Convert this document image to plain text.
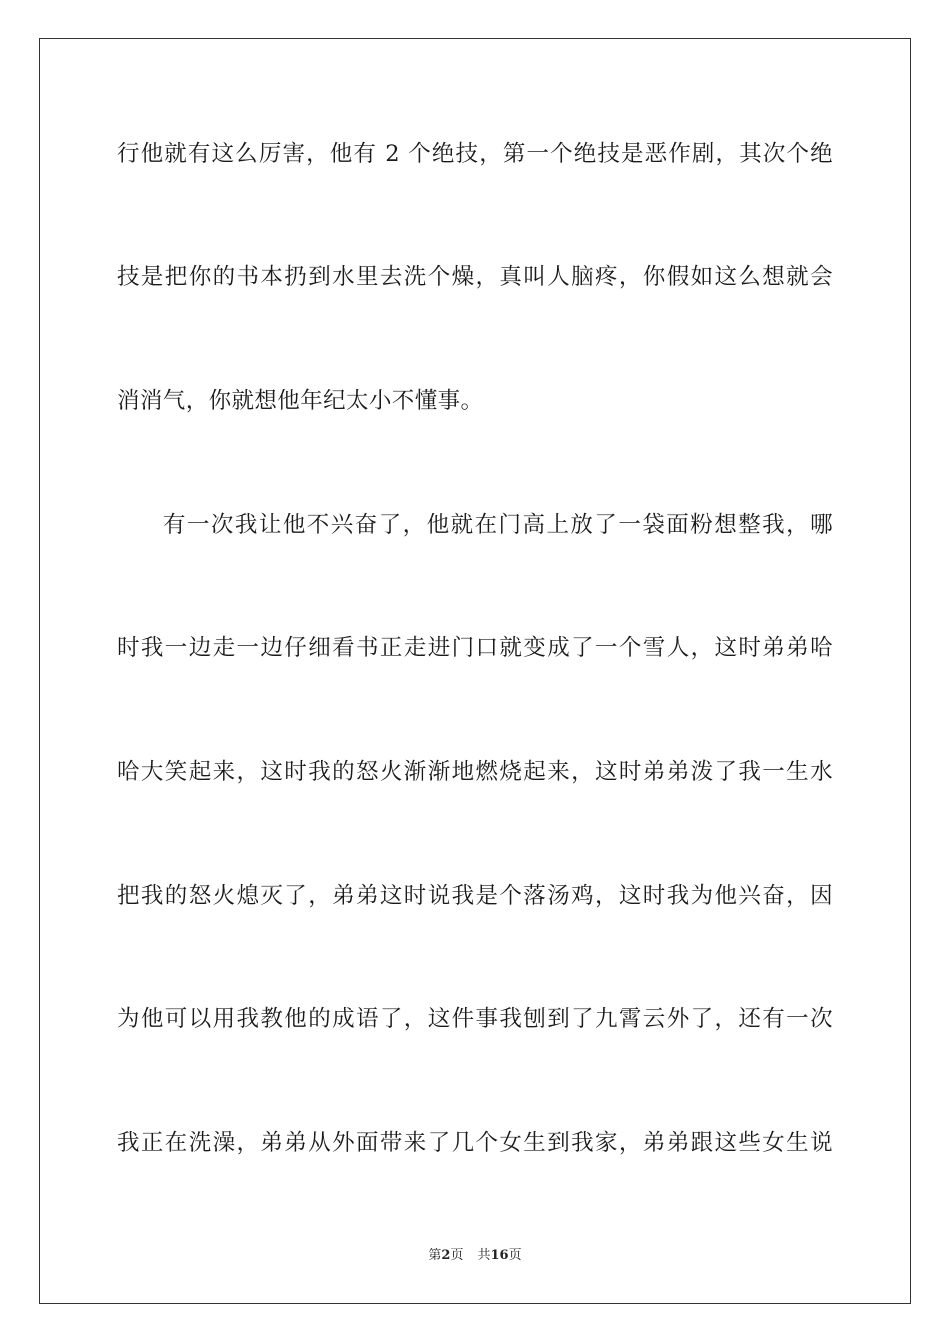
行他就有这么厉害，他有 2 个绝技，第一个绝技是恶作剧，其次个绝
技是把你的书本扔到水里去洗个燥，真叫人脑疼，你假如这么想就会
消消气，你就想他年纪太小不懂事。
有一次我让他不兴奋了，他就在门高上放了一袋面粉想整我，哪
时我一边走一边仔细看书正走进门口就变成了一个雪人，这时弟弟哈
哈大笑起来，这时我的怒火渐渐地燃烧起来，这时弟弟泼了我一生水
把我的怒火熄灭了，弟弟这时说我是个落汤鸡，这时我为他兴奋，因
为他可以用我教他的成语了，这件事我刨到了九霄云外了，还有一次
我正在洗澡，弟弟从外面带来了几个女生到我家，弟弟跟这些女生说
第2页 共16页
